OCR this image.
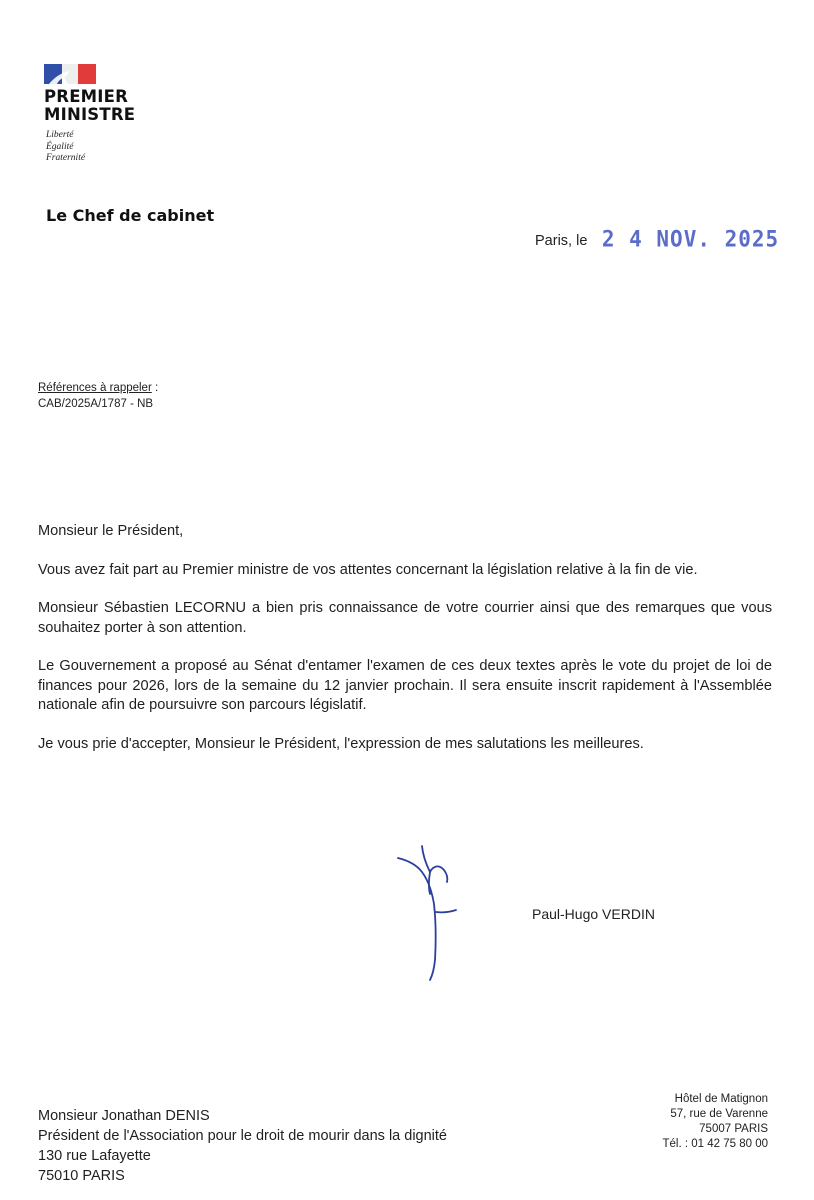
PREMIER
MINISTRE
Liberté
Égalité
Fraternité
Le Chef de cabinet
Paris, le 2 4 NOV. 2025
Références à rappeler :
CAB/2025A/1787 - NB

Monsieur le Président,

Vous avez fait part au Premier ministre de vos attentes concernant la législation relative à la fin de vie.

Monsieur Sébastien LECORNU a bien pris connaissance de votre courrier ainsi que des remarques que vous souhaitez porter à son attention.

Le Gouvernement a proposé au Sénat d'entamer l'examen de ces deux textes après le vote du projet de loi de finances pour 2026, lors de la semaine du 12 janvier prochain. Il sera ensuite inscrit rapidement à l'Assemblée nationale afin de poursuivre son parcours législatif.

Je vous prie d'accepter, Monsieur le Président, l'expression de mes salutations les meilleures.

Paul-Hugo VERDIN
Monsieur Jonathan DENIS
Président de l'Association pour le droit de mourir dans la dignité
130 rue Lafayette
75010 PARIS
Hôtel de Matignon
57, rue de Varenne
75007 PARIS
Tél. : 01 42 75 80 00
